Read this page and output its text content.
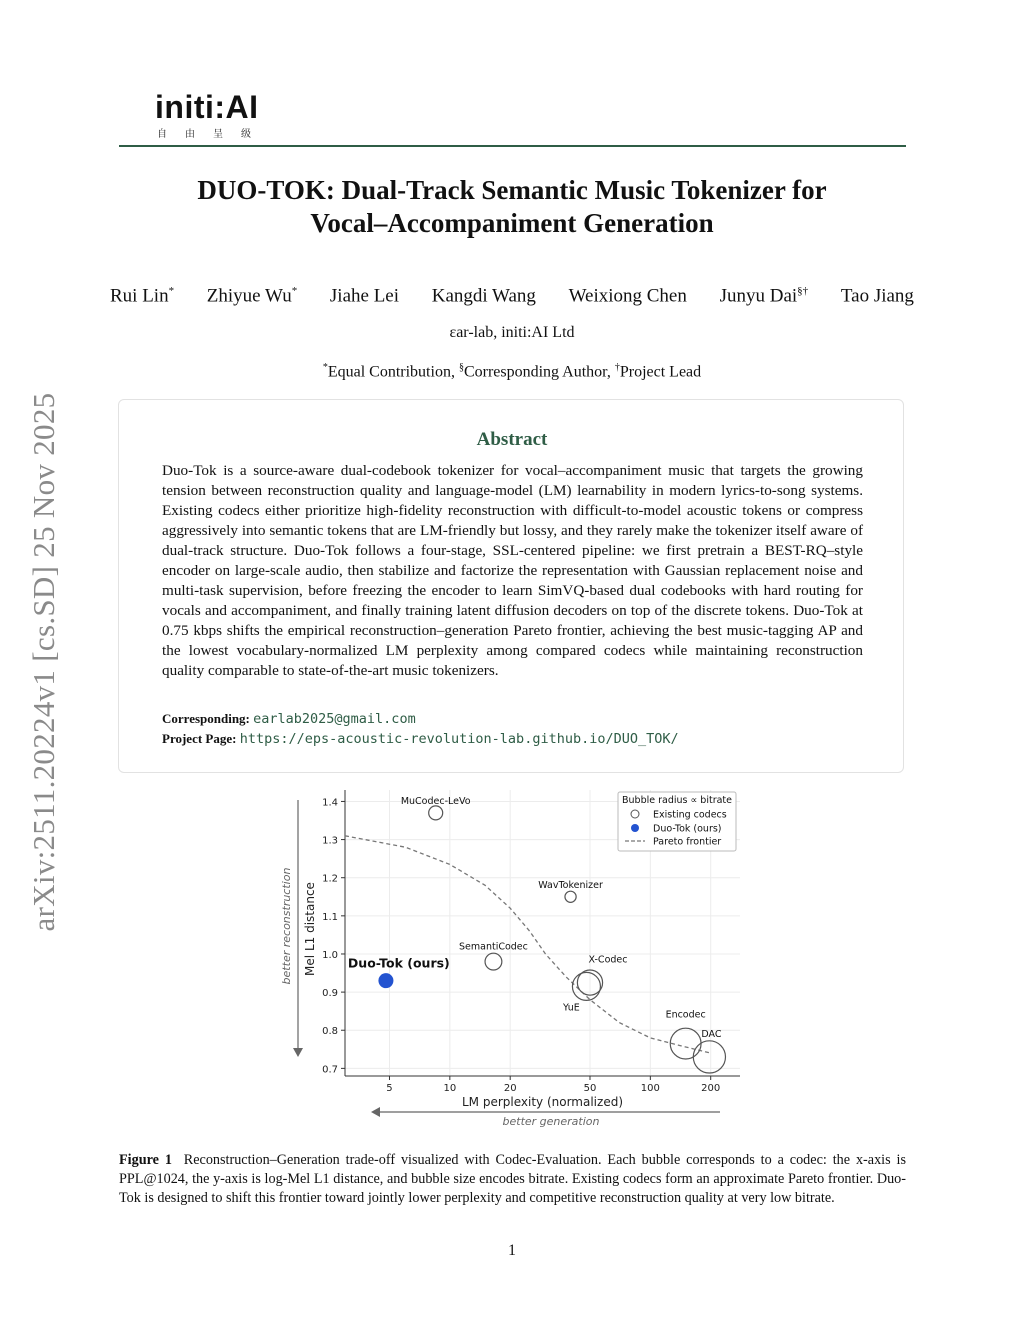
initi:AI
自由呈级
arXiv:2511.20224v1 [cs.SD] 25 Nov 2025
DUO-TOK: Dual-Track Semantic Music Tokenizer for
Vocal–Accompaniment Generation
Rui Lin* Zhiyue Wu* Jiahe Lei Kangdi Wang Weixiong Chen Junyu Dai§† Tao Jiang
εar-lab, initi:AI Ltd
*Equal Contribution, §Corresponding Author, †Project Lead
Abstract
Duo-Tok is a source-aware dual-codebook tokenizer for vocal–accompaniment music that targets the growing tension between reconstruction quality and language-model (LM) learnability in modern lyrics-to-song systems. Existing codecs either prioritize high-fidelity reconstruction with difficult-to-model acoustic tokens or compress aggressively into semantic tokens that are LM-friendly but lossy, and they rarely make the tokenizer itself aware of dual-track structure. Duo-Tok follows a four-stage, SSL-centered pipeline: we first pretrain a BEST-RQ–style encoder on large-scale audio, then stabilize and factorize the representation with Gaussian replacement noise and multi-task supervision, before freezing the encoder to learn SimVQ-based dual codebooks with hard routing for vocals and accompaniment, and finally training latent diffusion decoders on top of the discrete tokens. Duo-Tok at 0.75 kbps shifts the empirical reconstruction–generation Pareto frontier, achieving the best music-tagging AP and the lowest vocabulary-normalized LM perplexity among compared codecs while maintaining reconstruction quality comparable to state-of-the-art music tokenizers.
Corresponding: earlab2025@gmail.com
Project Page: https://eps-acoustic-revolution-lab.github.io/DUO_TOK/
0.7
0.8
0.9
1.0
1.1
1.2
1.3
1.4
5	10	20	50	100	200
LM perplexity (normalized)
Mel L1 distance
better reconstruction
better generation
MuCodec-LeVo
WavTokenizer
SemantiCodec
X-Codec
YuE
Encodec
DAC
Duo-Tok (ours)
Bubble radius ∝ bitrate
Existing codecs
Duo-Tok (ours)
Pareto frontier
Figure 1 Reconstruction–Generation trade-off visualized with Codec-Evaluation. Each bubble corresponds to a codec: the x-axis is PPL@1024, the y-axis is log-Mel L1 distance, and bubble size encodes bitrate. Existing codecs form an approximate Pareto frontier. Duo-Tok is designed to shift this frontier toward jointly lower perplexity and competitive reconstruction quality at very low bitrate.
1
